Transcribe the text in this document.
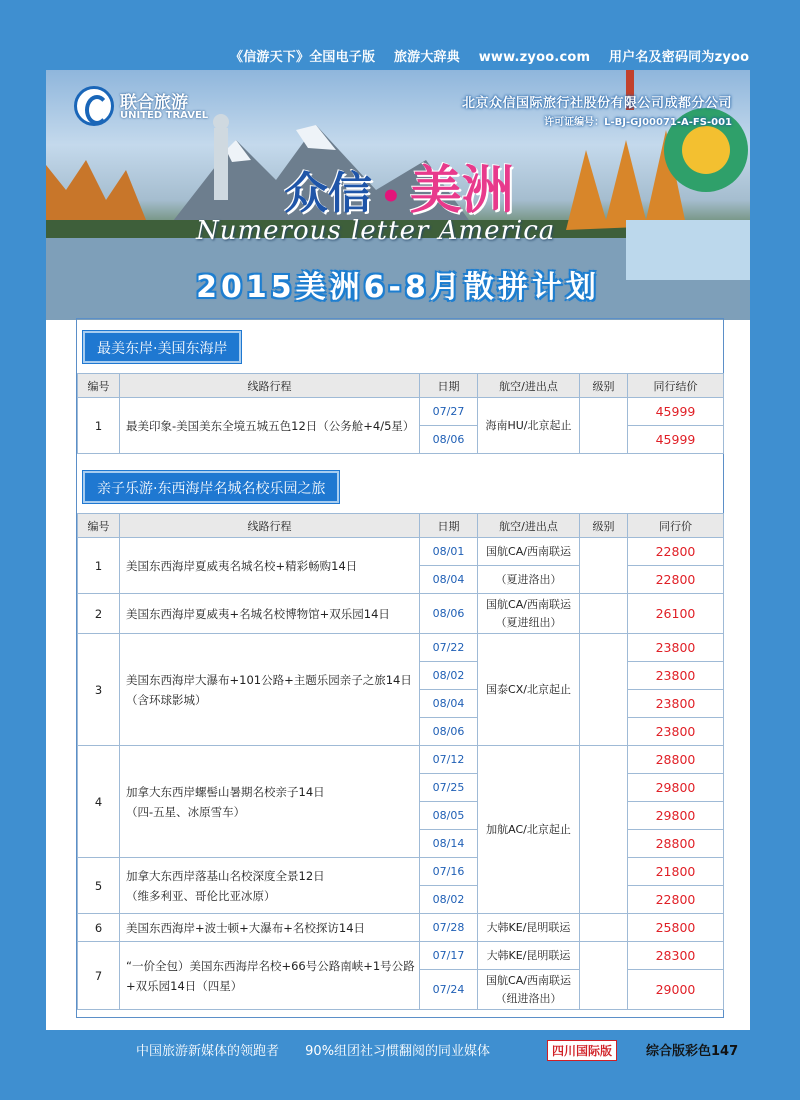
《信游天下》全国电子版 旅游大辞典 www.zyoo.com 用户名及密码同为zyoo
联合旅游
UNITED TRAVEL
北京众信国际旅行社股份有限公司成都分公司
许可证编号：L-BJ-GJ00071-A-FS-001
众信 • 美洲
Numerous letter America
2015美洲6-8月散拼计划
最美东岸·美国东海岸
编号	线路行程	日期	航空/进出点	级别	同行结价
1	最美印象-美国美东全境五城五色12日（公务舱+4/5星）	07/27	海南HU/北京起止		45999
		08/06			45999
亲子乐游·东西海岸名城名校乐园之旅
编号	线路行程	日期	航空/进出点	级别	同行价
1	美国东西海岸夏威夷名城名校+精彩畅购14日	08/01	国航CA/西南联运		22800
		08/04	（夏进洛出）		22800
2	美国东西海岸夏威夷+名城名校博物馆+双乐园14日	08/06	国航CA/西南联运
（夏进纽出）		26100
3	美国东西海岸大瀑布+101公路+主题乐园亲子之旅14日
（含环球影城）	07/22	国泰CX/北京起止		23800
		08/02			23800
		08/04			23800
		08/06			23800
4	加拿大东西岸螺髻山暑期名校亲子14日
（四-五星、冰原雪车）	07/12	加航AC/北京起止		28800
		07/25			29800
		08/05			29800
		08/14			28800
5	加拿大东西岸落基山名校深度全景12日
（维多利亚、哥伦比亚冰原）	07/16			21800
		08/02			22800
6	美国东西海岸+波士顿+大瀑布+名校探访14日	07/28	大韩KE/昆明联运		25800
7	“一价全包）美国东西海岸名校+66号公路南峡+1号公路
+双乐园14日（四星）	07/17	大韩KE/昆明联运		28300
		07/24	国航CA/西南联运
（纽进洛出）		29000
中国旅游新媒体的领跑者 90%组团社习惯翻阅的同业媒体	四川国际版	综合版彩色147
